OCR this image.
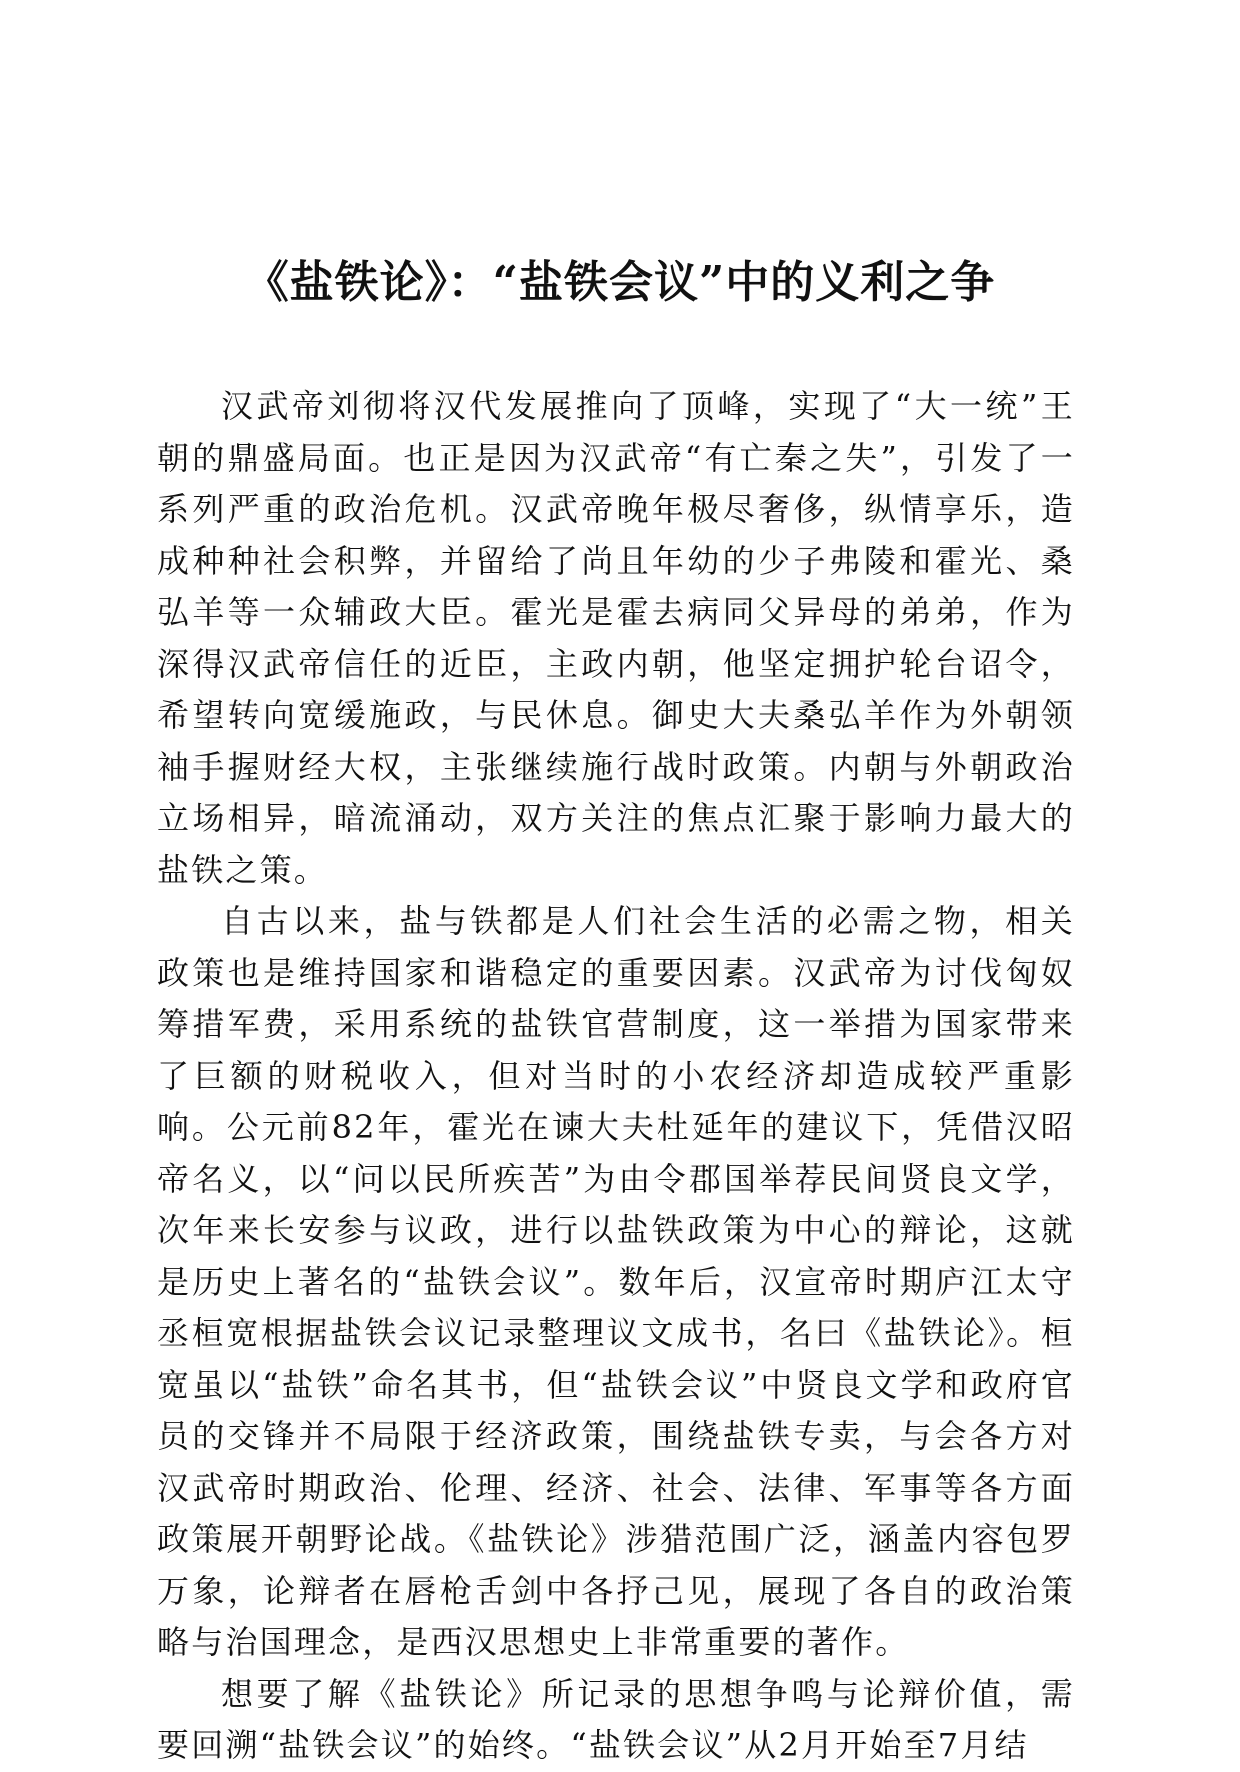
《盐铁论》：“盐铁会议”中的义利之争

汉武帝刘彻将汉代发展推向了顶峰，实现了“大一统”王朝的鼎盛局面。也正是因为汉武帝“有亡秦之失”，引发了一系列严重的政治危机。汉武帝晚年极尽奢侈，纵情享乐，造成种种社会积弊，并留给了尚且年幼的少子弗陵和霍光、桑弘羊等一众辅政大臣。霍光是霍去病同父异母的弟弟，作为深得汉武帝信任的近臣，主政内朝，他坚定拥护轮台诏令，希望转向宽缓施政，与民休息。御史大夫桑弘羊作为外朝领袖手握财经大权，主张继续施行战时政策。内朝与外朝政治立场相异，暗流涌动，双方关注的焦点汇聚于影响力最大的盐铁之策。

自古以来，盐与铁都是人们社会生活的必需之物，相关政策也是维持国家和谐稳定的重要因素。汉武帝为讨伐匈奴筹措军费，采用系统的盐铁官营制度，这一举措为国家带来了巨额的财税收入，但对当时的小农经济却造成较严重影响。公元前82年，霍光在谏大夫杜延年的建议下，凭借汉昭帝名义，以“问以民所疾苦”为由令郡国举荐民间贤良文学，次年来长安参与议政，进行以盐铁政策为中心的辩论，这就是历史上著名的“盐铁会议”。数年后，汉宣帝时期庐江太守丞桓宽根据盐铁会议记录整理议文成书，名曰《盐铁论》。桓宽虽以“盐铁”命名其书，但“盐铁会议”中贤良文学和政府官员的交锋并不局限于经济政策，围绕盐铁专卖，与会各方对汉武帝时期政治、伦理、经济、社会、法律、军事等各方面政策展开朝野论战。《盐铁论》涉猎范围广泛，涵盖内容包罗万象，论辩者在唇枪舌剑中各抒己见，展现了各自的政治策略与治国理念，是西汉思想史上非常重要的著作。

想要了解《盐铁论》所记录的思想争鸣与论辩价值，需要回溯“盐铁会议”的始终。“盐铁会议”从2月开始至7月结
